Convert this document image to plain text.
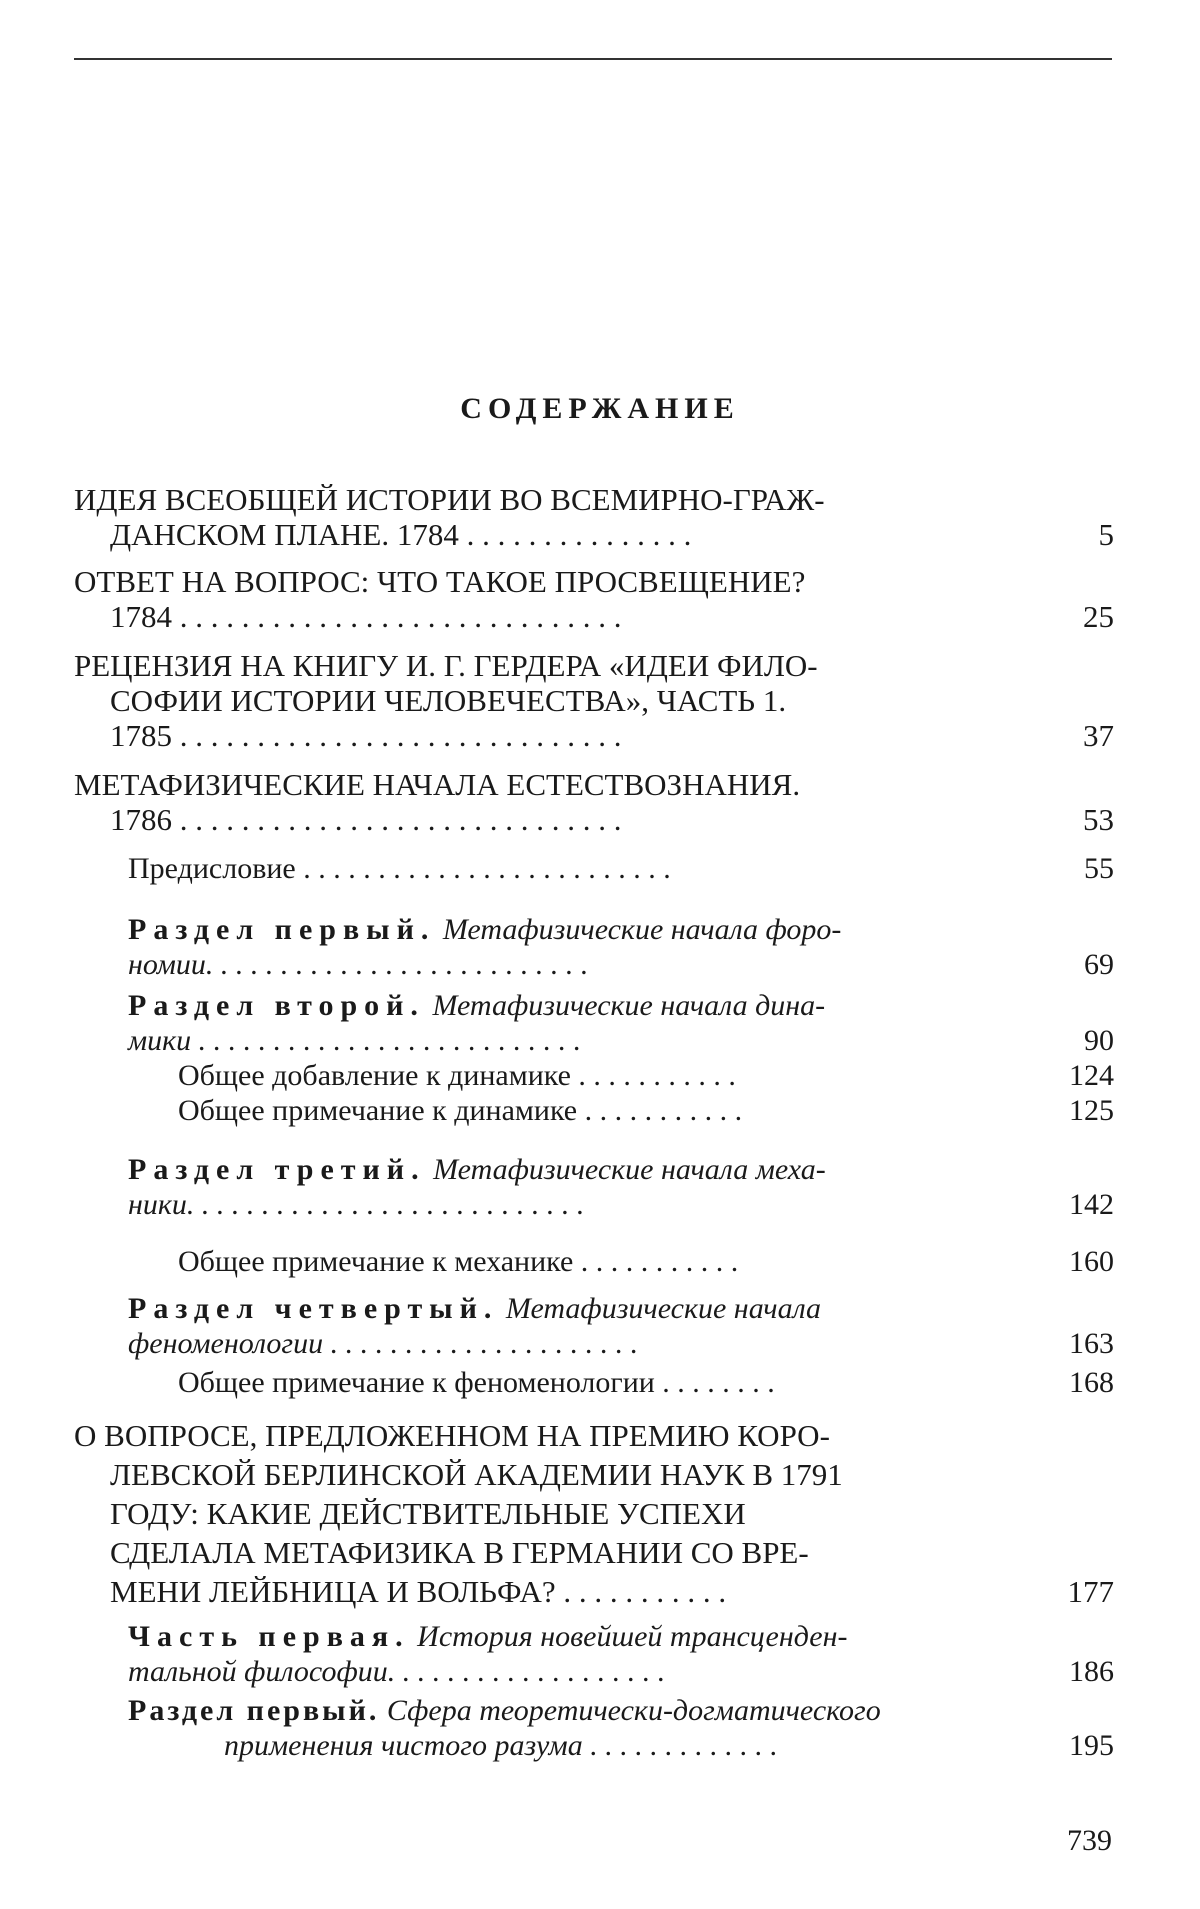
СОДЕРЖАНИЕ
ИДЕЯ ВСЕОБЩЕЙ ИСТОРИИ ВО ВСЕМИРНО-ГРАЖ-
ДАНСКОМ ПЛАНЕ. 1784 . . . . . . . . . . . . . . .	5
ОТВЕТ НА ВОПРОС: ЧТО ТАКОЕ ПРОСВЕЩЕНИЕ?
1784 . . . . . . . . . . . . . . . . . . . . . . . . . . . . .	25
РЕЦЕНЗИЯ НА КНИГУ И. Г. ГЕРДЕРА «ИДЕИ ФИЛО-
СОФИИ ИСТОРИИ ЧЕЛОВЕЧЕСТВА», ЧАСТЬ 1.
1785 . . . . . . . . . . . . . . . . . . . . . . . . . . . . .	37
МЕТАФИЗИЧЕСКИЕ НАЧАЛА ЕСТЕСТВОЗНАНИЯ.
1786 . . . . . . . . . . . . . . . . . . . . . . . . . . . . .	53
Предисловие . . . . . . . . . . . . . . . . . . . . . . . . .	55
Раздел первый. Метафизические начала форо-
номии. . . . . . . . . . . . . . . . . . . . . . . . . .	69
Раздел второй. Метафизические начала дина-
мики . . . . . . . . . . . . . . . . . . . . . . . . . .	90
Общее добавление к динамике . . . . . . . . . . .	124
Общее примечание к динамике . . . . . . . . . . .	125
Раздел третий. Метафизические начала меха-
ники. . . . . . . . . . . . . . . . . . . . . . . . . . .	142
Общее примечание к механике . . . . . . . . . . .	160
Раздел четвертый. Метафизические начала
феноменологии . . . . . . . . . . . . . . . . . . . . .	163
Общее примечание к феноменологии . . . . . . . .	168
О ВОПРОСЕ, ПРЕДЛОЖЕННОМ НА ПРЕМИЮ КОРО-
ЛЕВСКОЙ БЕРЛИНСКОЙ АКАДЕМИИ НАУК В 1791
ГОДУ: КАКИЕ ДЕЙСТВИТЕЛЬНЫЕ УСПЕХИ
СДЕЛАЛА МЕТАФИЗИКА В ГЕРМАНИИ СО ВРЕ-
МЕНИ ЛЕЙБНИЦА И ВОЛЬФА? . . . . . . . . . . .	177
Часть первая. История новейшей трансценден-
тальной философии. . . . . . . . . . . . . . . . . . .	186
Раздел первый. Сфера теоретически-догматического
применения чистого разума . . . . . . . . . . . . .	195
739
